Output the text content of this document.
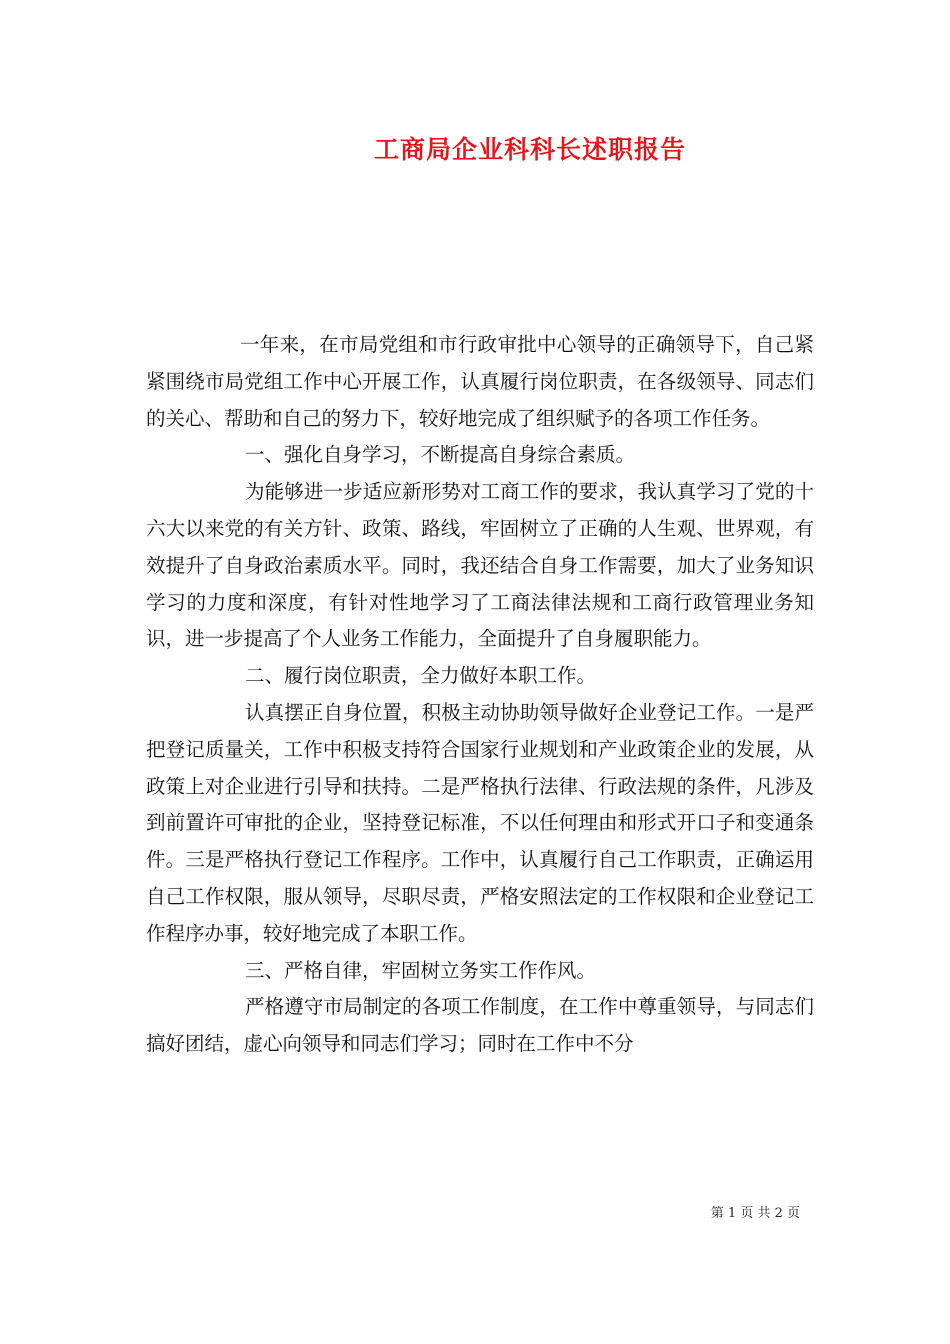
工商局企业科科长述职报告

一年来，在市局党组和市行政审批中心领导的正确领导下，自己紧紧围绕市局党组工作中心开展工作，认真履行岗位职责，在各级领导、同志们的关心、帮助和自己的努力下，较好地完成了组织赋予的各项工作任务。

一、强化自身学习，不断提高自身综合素质。

为能够进一步适应新形势对工商工作的要求，我认真学习了党的十六大以来党的有关方针、政策、路线，牢固树立了正确的人生观、世界观，有效提升了自身政治素质水平。同时，我还结合自身工作需要，加大了业务知识学习的力度和深度，有针对性地学习了工商法律法规和工商行政管理业务知识，进一步提高了个人业务工作能力，全面提升了自身履职能力。

二、履行岗位职责，全力做好本职工作。

认真摆正自身位置，积极主动协助领导做好企业登记工作。一是严把登记质量关，工作中积极支持符合国家行业规划和产业政策企业的发展，从政策上对企业进行引导和扶持。二是严格执行法律、行政法规的条件，凡涉及到前置许可审批的企业，坚持登记标准，不以任何理由和形式开口子和变通条件。三是严格执行登记工作程序。工作中，认真履行自己工作职责，正确运用自己工作权限，服从领导，尽职尽责，严格安照法定的工作权限和企业登记工作程序办事，较好地完成了本职工作。

三、严格自律，牢固树立务实工作作风。

严格遵守市局制定的各项工作制度，在工作中尊重领导，与同志们搞好团结，虚心向领导和同志们学习；同时在工作中不分

第 1 页 共 2 页
